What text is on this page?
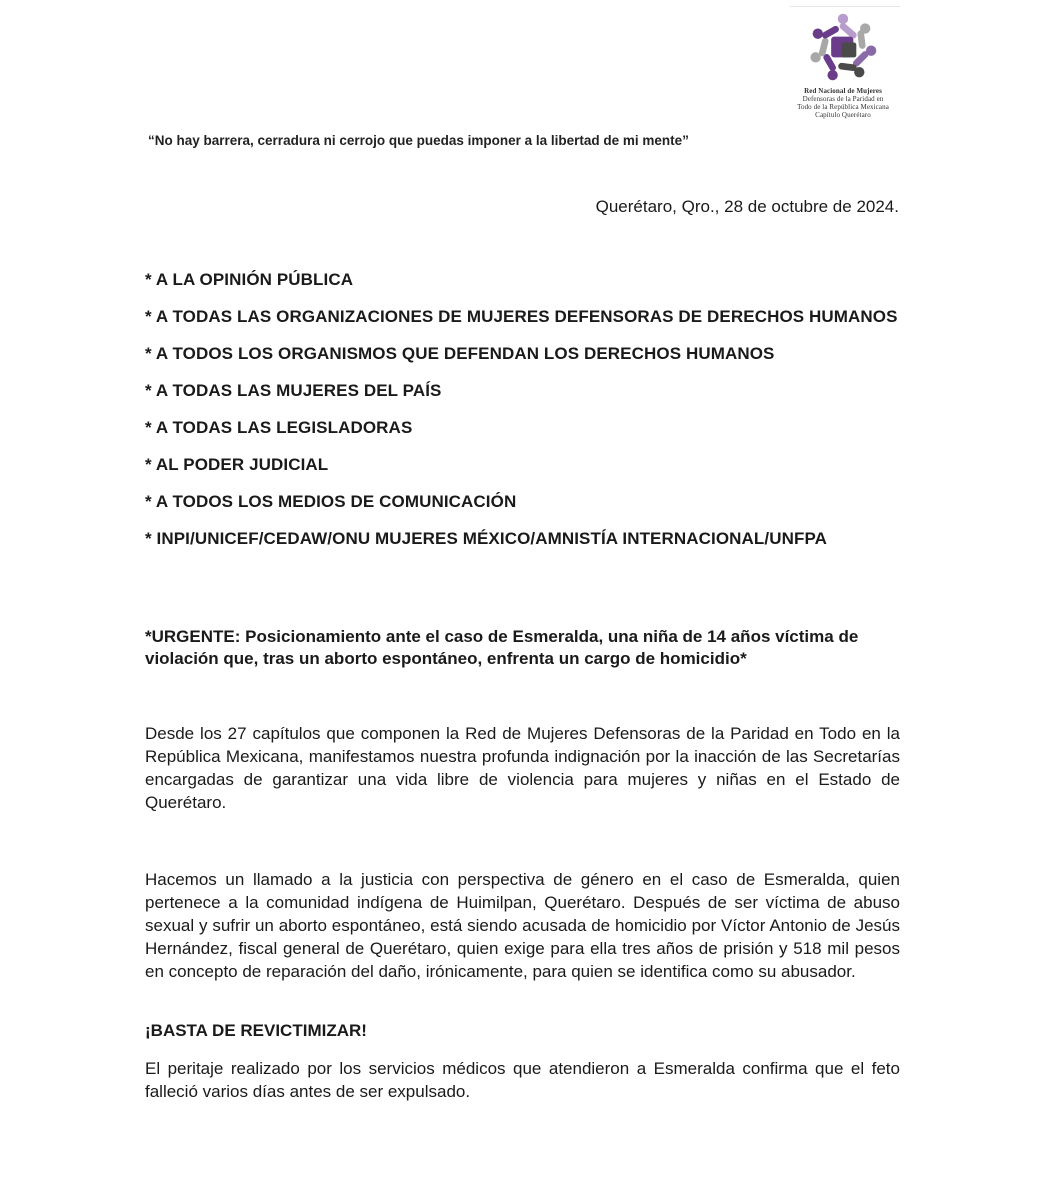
Red Nacional de Mujeres
Defensoras de la Paridad en
Todo de la República Mexicana
Capítulo Querétaro
“No hay barrera, cerradura ni cerrojo que puedas imponer a la libertad de mi mente”
Querétaro, Qro., 28 de octubre de 2024.
* A LA OPINIÓN PÚBLICA
* A TODAS LAS ORGANIZACIONES DE MUJERES DEFENSORAS DE DERECHOS HUMANOS
* A TODOS LOS ORGANISMOS QUE DEFENDAN LOS DERECHOS HUMANOS
* A TODAS LAS MUJERES DEL PAÍS
* A TODAS LAS LEGISLADORAS
* AL PODER JUDICIAL
* A TODOS LOS MEDIOS DE COMUNICACIÓN
* INPI/UNICEF/CEDAW/ONU MUJERES MÉXICO/AMNISTÍA INTERNACIONAL/UNFPA
*URGENTE: Posicionamiento ante el caso de Esmeralda, una niña de 14 años víctima de violación que, tras un aborto espontáneo, enfrenta un cargo de homicidio*
Desde los 27 capítulos que componen la Red de Mujeres Defensoras de la Paridad en Todo en la República Mexicana, manifestamos nuestra profunda indignación por la inacción de las Secretarías encargadas de garantizar una vida libre de violencia para mujeres y niñas en el Estado de Querétaro.
Hacemos un llamado a la justicia con perspectiva de género en el caso de Esmeralda, quien pertenece a la comunidad indígena de Huimilpan, Querétaro. Después de ser víctima de abuso sexual y sufrir un aborto espontáneo, está siendo acusada de homicidio por Víctor Antonio de Jesús Hernández, fiscal general de Querétaro, quien exige para ella tres años de prisión y 518 mil pesos en concepto de reparación del daño, irónicamente, para quien se identifica como su abusador.
¡BASTA DE REVICTIMIZAR!
El peritaje realizado por los servicios médicos que atendieron a Esmeralda confirma que el feto falleció varios días antes de ser expulsado.
